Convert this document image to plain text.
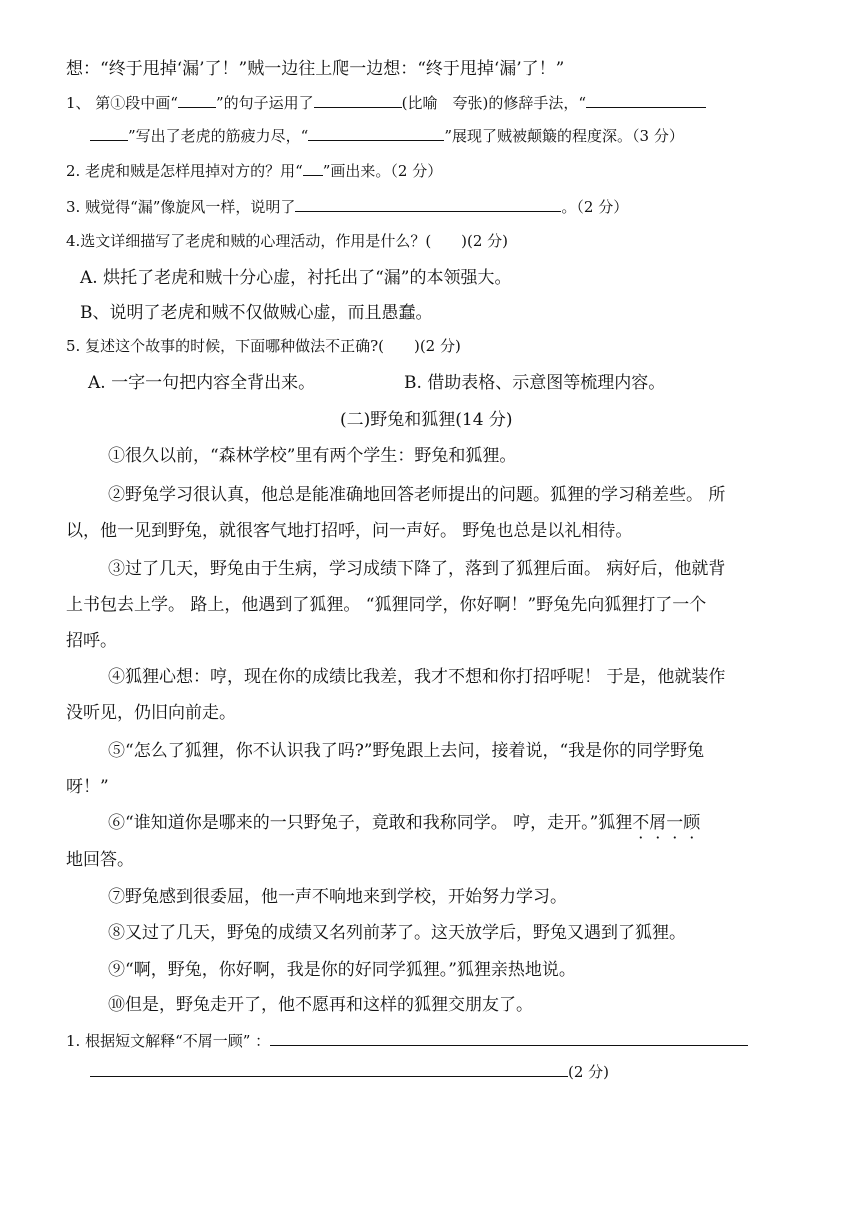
想：“终于甩掉‘漏’了！”贼一边往上爬一边想：“终于甩掉‘漏’了！”
1、 第①段中画“	”的句子运用了	(比喻　夸张)的修辞手法，“
”写出了老虎的筋疲力尽，“	”展现了贼被颠簸的程度深。（3 分）
2. 老虎和贼是怎样甩掉对方的？用“ ”画出来。（2 分）
3. 贼觉得“漏”像旋风一样，说明了	。（2 分）
4.选文详细描写了老虎和贼的心理活动，作用是什么？(　　)(2 分)
A. 烘托了老虎和贼十分心虚，衬托出了“漏”的本领强大。
B、说明了老虎和贼不仅做贼心虚，而且愚蠢。
5. 复述这个故事的时候，下面哪种做法不正确?(　　)(2 分)
A. 一字一句把内容全背出来。	B. 借助表格、示意图等梳理内容。
(二)野兔和狐狸(14 分)
①很久以前，“森林学校”里有两个学生：野兔和狐狸。
②野兔学习很认真，他总是能准确地回答老师提出的问题。狐狸的学习稍差些。 所
以，他一见到野兔，就很客气地打招呼，问一声好。 野兔也总是以礼相待。
③过了几天，野兔由于生病，学习成绩下降了，落到了狐狸后面。 病好后，他就背
上书包去上学。 路上，他遇到了狐狸。 “狐狸同学，你好啊！”野兔先向狐狸打了一个
招呼。
④狐狸心想：哼，现在你的成绩比我差，我才不想和你打招呼呢！ 于是，他就装作
没听见，仍旧向前走。
⑤“怎么了狐狸，你不认识我了吗?”野兔跟上去问，接着说，“我是你的同学野兔
呀！”
⑥“谁知道你是哪来的一只野兔子，竟敢和我称同学。 哼，走开。”狐狸不屑一顾
地回答。
⑦野兔感到很委屈，他一声不响地来到学校，开始努力学习。
⑧又过了几天，野兔的成绩又名列前茅了。这天放学后，野兔又遇到了狐狸。
⑨“啊，野兔，你好啊，我是你的好同学狐狸。”狐狸亲热地说。
⑩但是，野兔走开了，他不愿再和这样的狐狸交朋友了。
1. 根据短文解释“不屑一顾” ：
(2 分)
